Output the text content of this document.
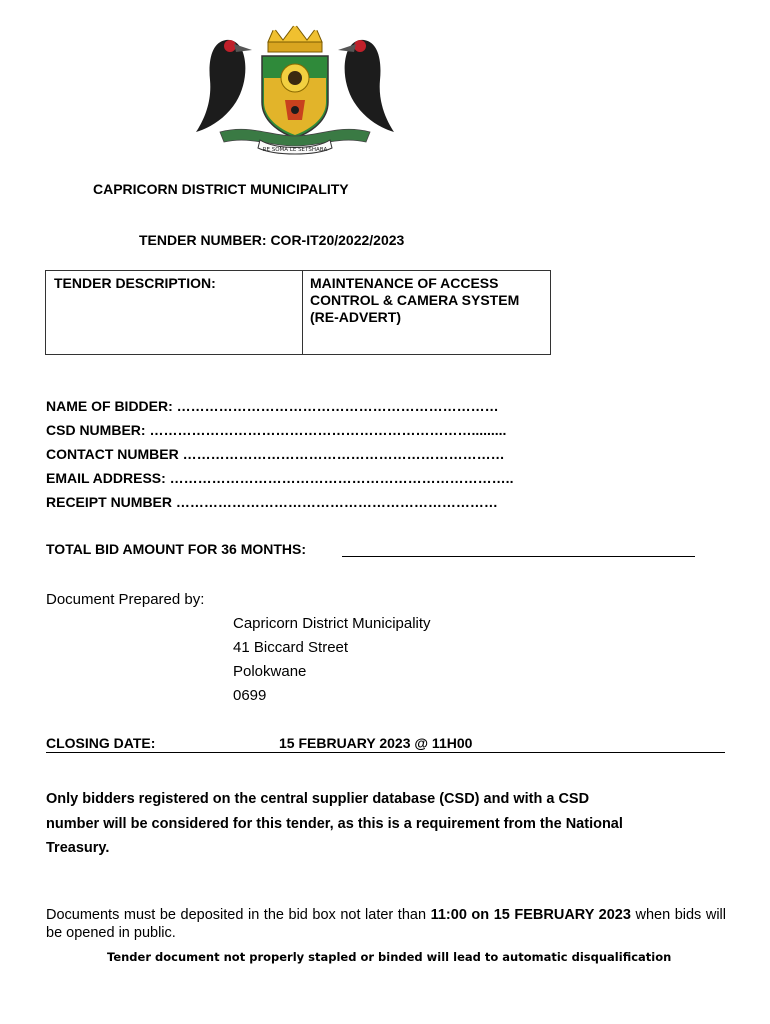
RE SOMA LE SETSHABA
CAPRICORN DISTRICT MUNICIPALITY
TENDER NUMBER: COR-IT20/2022/2023
TENDER DESCRIPTION:	MAINTENANCE OF ACCESS
CONTROL & CAMERA SYSTEM
(RE-ADVERT)
NAME OF BIDDER: ……………………………………………………………
CSD NUMBER: …………………………………………………………….........
CONTACT NUMBER ……………………………………………………………
EMAIL ADDRESS: ………………………………………………………………..
RECEIPT NUMBER ……………………………………………………………
TOTAL BID AMOUNT FOR 36 MONTHS:
Document Prepared by:
Capricorn District Municipality
41 Biccard Street
Polokwane
0699
CLOSING DATE:	15 FEBRUARY 2023 @ 11H00
Only bidders registered on the central supplier database (CSD) and with a CSD
number will be considered for this tender, as this is a requirement from the National
Treasury.
Documents must be deposited in the bid box not later than 11:00 on 15 FEBRUARY 2023 when bids will be opened in public.
Tender document not properly stapled or binded will lead to automatic disqualification
